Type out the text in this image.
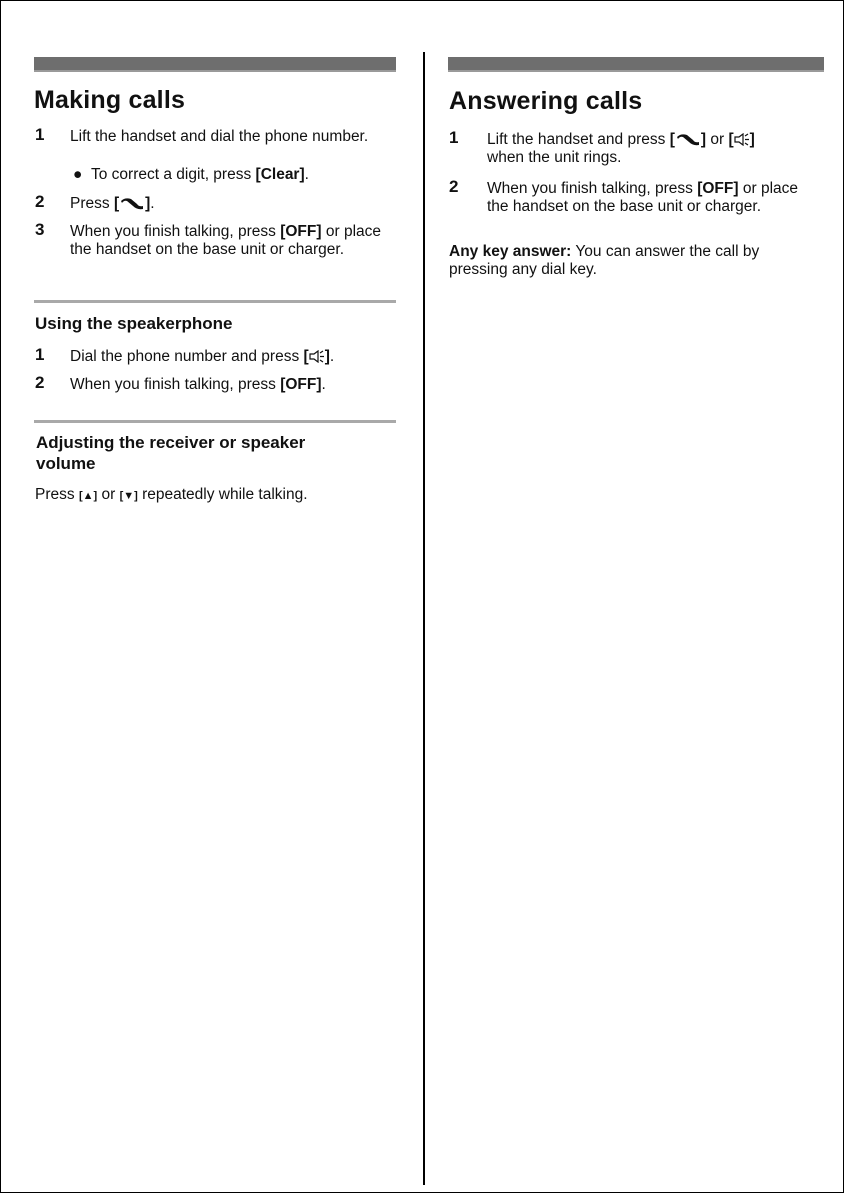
Making calls
1 Lift the handset and dial the phone number.
●  To correct a digit, press [Clear].
2 Press [ ].
3 When you finish talking, press [OFF] or place the handset on the base unit or charger.
Using the speakerphone
1 Dial the phone number and press [ ].
2 When you finish talking, press [OFF].
Adjusting the receiver or speaker volume
Press [▲] or [▼] repeatedly while talking.
Answering calls
1 Lift the handset and press [ ] or [ ]
when the unit rings.
2 When you finish talking, press [OFF] or place the handset on the base unit or charger.
Any key answer: You can answer the call by pressing any dial key.
